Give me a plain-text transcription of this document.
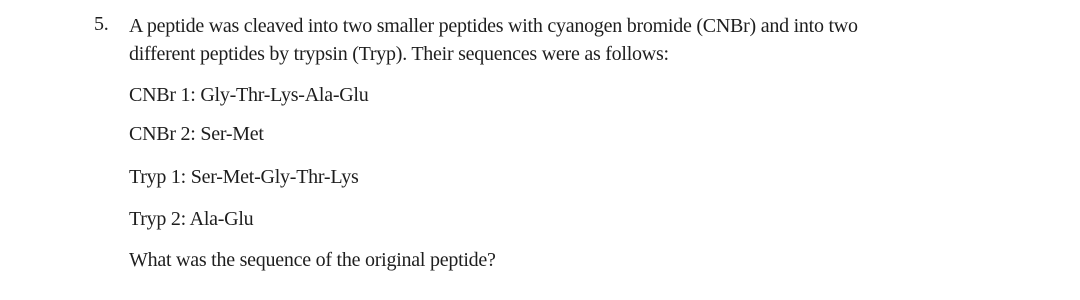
5. A peptide was cleaved into two smaller peptides with cyanogen bromide (CNBr) and into two
different peptides by trypsin (Tryp). Their sequences were as follows:
CNBr 1: Gly-Thr-Lys-Ala-Glu
CNBr 2: Ser-Met
Tryp 1: Ser-Met-Gly-Thr-Lys
Tryp 2: Ala-Glu
What was the sequence of the original peptide?
